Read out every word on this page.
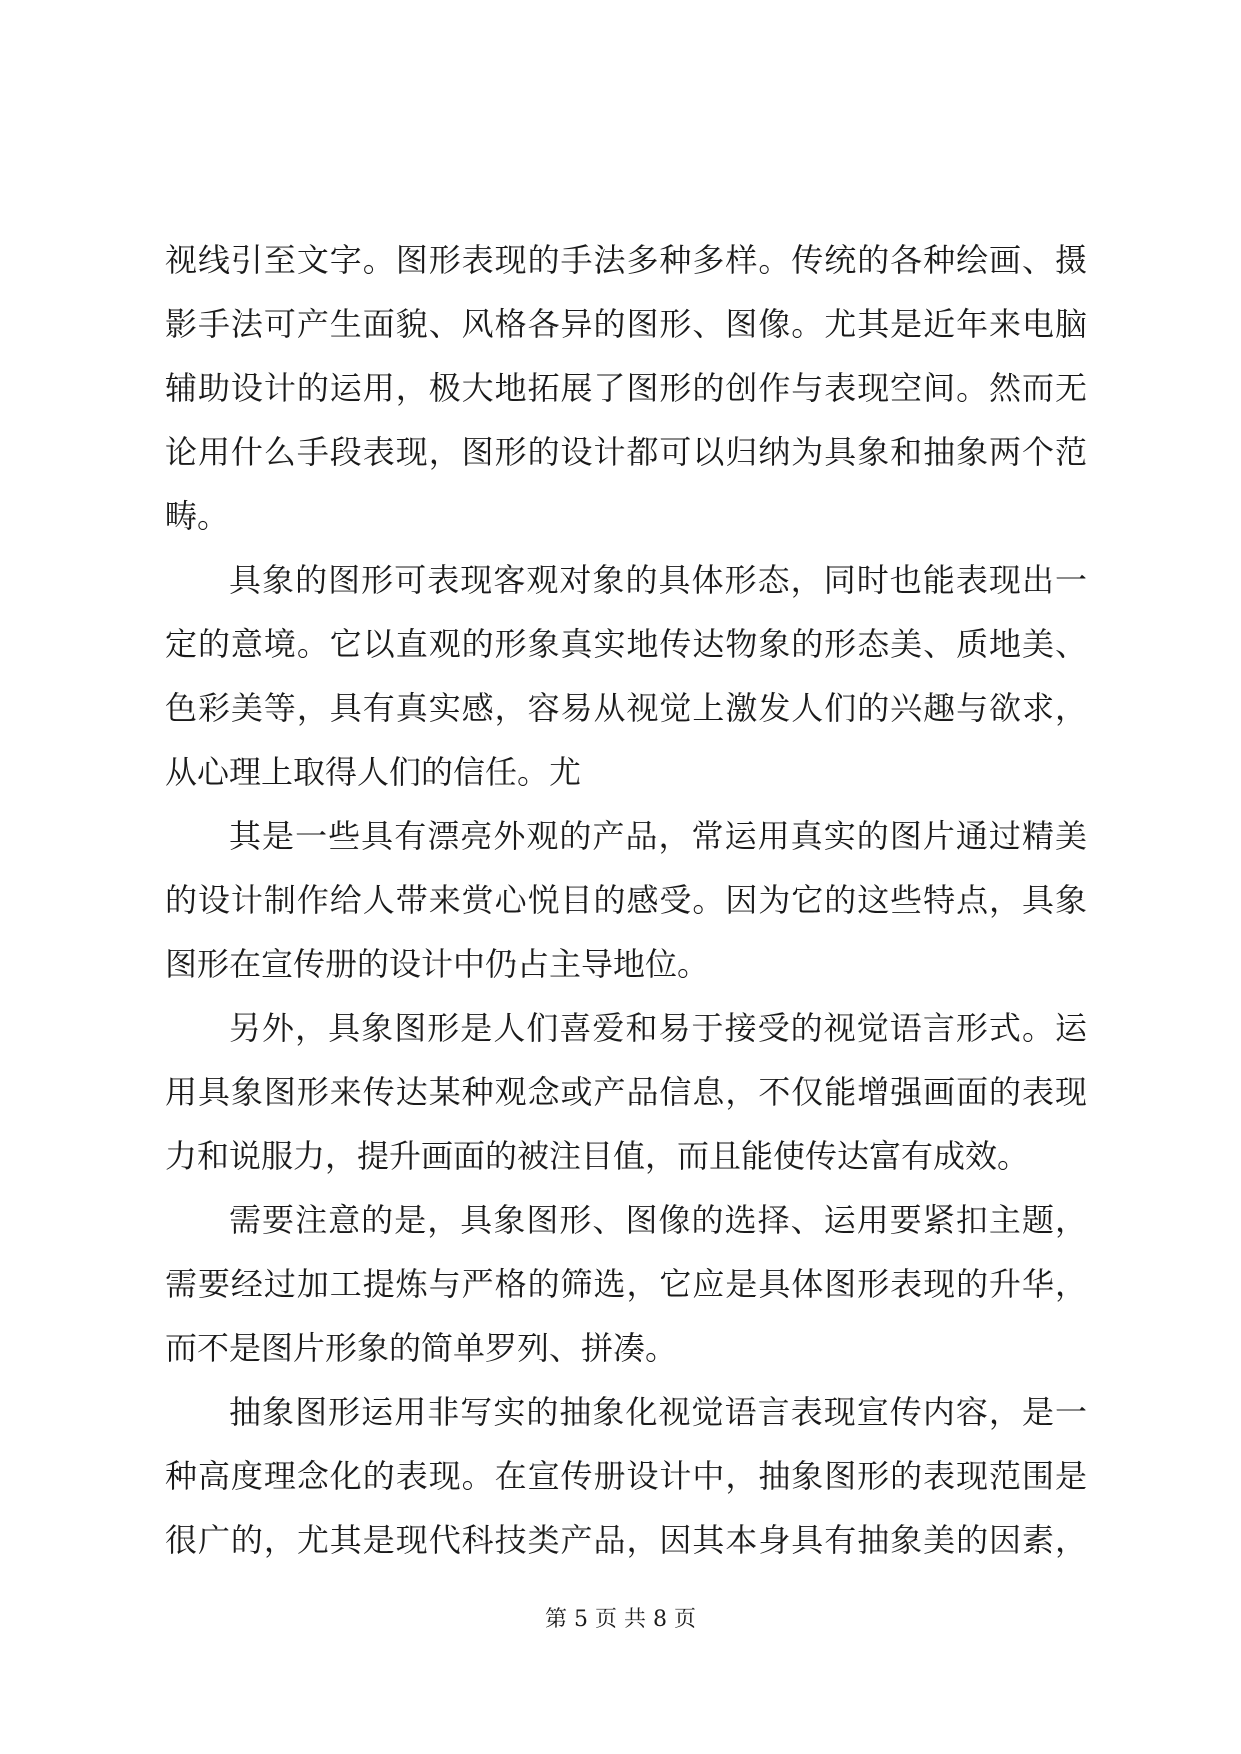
视线引至文字。图形表现的手法多种多样。传统的各种绘画、摄
影手法可产生面貌、风格各异的图形、图像。尤其是近年来电脑
辅助设计的运用，极大地拓展了图形的创作与表现空间。然而无
论用什么手段表现，图形的设计都可以归纳为具象和抽象两个范
畴。
具象的图形可表现客观对象的具体形态，同时也能表现出一
定的意境。它以直观的形象真实地传达物象的形态美、质地美、
色彩美等，具有真实感，容易从视觉上激发人们的兴趣与欲求，
从心理上取得人们的信任。尤
其是一些具有漂亮外观的产品，常运用真实的图片通过精美
的设计制作给人带来赏心悦目的感受。因为它的这些特点，具象
图形在宣传册的设计中仍占主导地位。
另外，具象图形是人们喜爱和易于接受的视觉语言形式。运
用具象图形来传达某种观念或产品信息，不仅能增强画面的表现
力和说服力，提升画面的被注目值，而且能使传达富有成效。
需要注意的是，具象图形、图像的选择、运用要紧扣主题，
需要经过加工提炼与严格的筛选，它应是具体图形表现的升华，
而不是图片形象的简单罗列、拼凑。
抽象图形运用非写实的抽象化视觉语言表现宣传内容，是一
种高度理念化的表现。在宣传册设计中，抽象图形的表现范围是
很广的，尤其是现代科技类产品，因其本身具有抽象美的因素，
第 5 页 共 8 页
